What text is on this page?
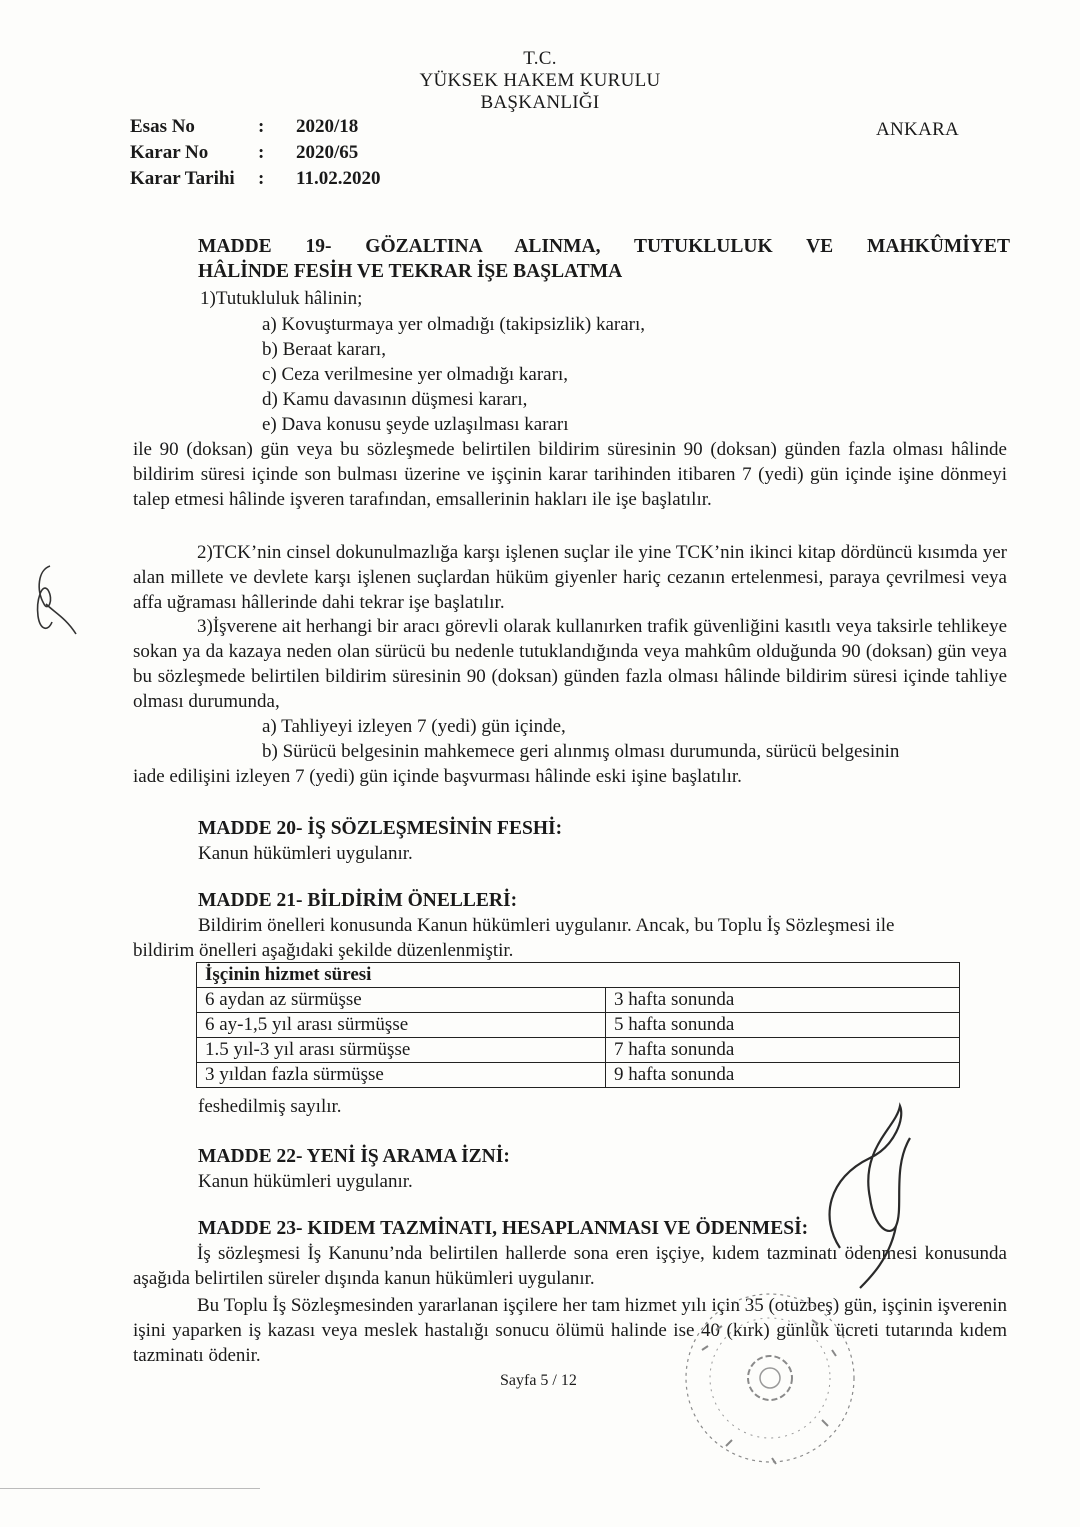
T.C.
YÜKSEK HAKEM KURULU
BAŞKANLIĞI
ANKARA
Esas No	:	2020/18
Karar No	:	2020/65
Karar Tarihi	:	11.02.2020
MADDE 19- GÖZALTINA ALINMA, TUTUKLULUK VE MAHKÛMİYET
HÂLİNDE FESİH VE TEKRAR İŞE BAŞLATMA
1)Tutukluluk hâlinin;
a) Kovuşturmaya yer olmadığı (takipsizlik) kararı,
b) Beraat kararı,
c) Ceza verilmesine yer olmadığı kararı,
d) Kamu davasının düşmesi kararı,
e) Dava konusu şeyde uzlaşılması kararı
ile 90 (doksan) gün veya bu sözleşmede belirtilen bildirim süresinin 90 (doksan) günden fazla olması hâlinde bildirim süresi içinde son bulması üzerine ve işçinin karar tarihinden itibaren 7 (yedi) gün içinde işine dönmeyi talep etmesi hâlinde işveren tarafından, emsallerinin hakları ile işe başlatılır.
2)TCK’nin cinsel dokunulmazlığa karşı işlenen suçlar ile yine TCK’nin ikinci kitap dördüncü kısımda yer alan millete ve devlete karşı işlenen suçlardan hüküm giyenler hariç cezanın ertelenmesi, paraya çevrilmesi veya affa uğraması hâllerinde dahi tekrar işe başlatılır.
3)İşverene ait herhangi bir aracı görevli olarak kullanırken trafik güvenliğini kasıtlı veya taksirle tehlikeye sokan ya da kazaya neden olan sürücü bu nedenle tutuklandığında veya mahkûm olduğunda 90 (doksan) gün veya bu sözleşmede belirtilen bildirim süresinin 90 (doksan) günden fazla olması hâlinde bildirim süresi içinde tahliye olması durumunda,
a) Tahliyeyi izleyen 7 (yedi) gün içinde,
b) Sürücü belgesinin mahkemece geri alınmış olması durumunda, sürücü belgesinin
iade edilişini izleyen 7 (yedi) gün içinde başvurması hâlinde eski işine başlatılır.
MADDE 20- İŞ SÖZLEŞMESİNİN FESHİ:
Kanun hükümleri uygulanır.
MADDE 21- BİLDİRİM ÖNELLERİ:
Bildirim önelleri konusunda Kanun hükümleri uygulanır. Ancak, bu Toplu İş Sözleşmesi ile
bildirim önelleri aşağıdaki şekilde düzenlenmiştir.
İşçinin hizmet süresi	
6 aydan az sürmüşse	3 hafta sonunda
6 ay-1,5 yıl arası sürmüşse	5 hafta sonunda
1.5 yıl-3 yıl arası sürmüşse	7 hafta sonunda
3 yıldan fazla sürmüşse	9 hafta sonunda
feshedilmiş sayılır.
MADDE 22- YENİ İŞ ARAMA İZNİ:
Kanun hükümleri uygulanır.
MADDE 23- KIDEM TAZMİNATI, HESAPLANMASI VE ÖDENMESİ:
İş sözleşmesi İş Kanunu’nda belirtilen hallerde sona eren işçiye, kıdem tazminatı ödenmesi konusunda aşağıda belirtilen süreler dışında kanun hükümleri uygulanır.
Bu Toplu İş Sözleşmesinden yararlanan işçilere her tam hizmet yılı için 35 (otuzbeş) gün, işçinin işverenin işini yaparken iş kazası veya meslek hastalığı sonucu ölümü halinde ise 40 (kırk) günlük ücreti tutarında kıdem tazminatı ödenir.
Sayfa 5 / 12
